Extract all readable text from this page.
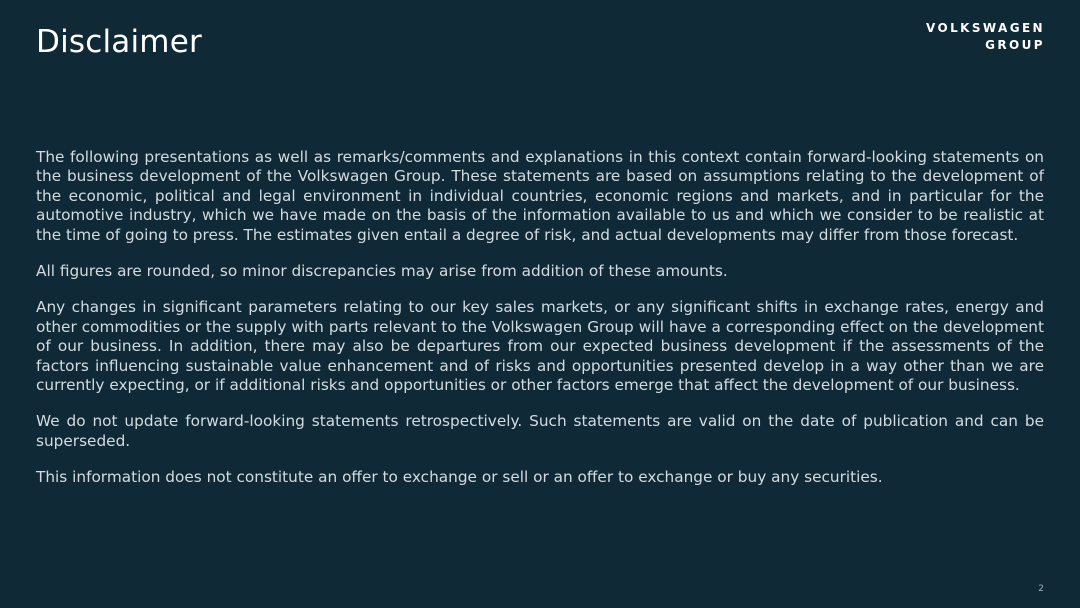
Disclaimer	VOLKSWAGEN
GROUP

The following presentations as well as remarks/comments and explanations in this context contain forward-looking statements on the business development of the Volkswagen Group. These statements are based on assumptions relating to the development of the economic, political and legal environment in individual countries, economic regions and markets, and in particular for the automotive industry, which we have made on the basis of the information available to us and which we consider to be realistic at the time of going to press. The estimates given entail a degree of risk, and actual developments may differ from those forecast.

All figures are rounded, so minor discrepancies may arise from addition of these amounts.

Any changes in significant parameters relating to our key sales markets, or any significant shifts in exchange rates, energy and other commodities or the supply with parts relevant to the Volkswagen Group will have a corresponding effect on the development of our business. In addition, there may also be departures from our expected business development if the assessments of the factors influencing sustainable value enhancement and of risks and opportunities presented develop in a way other than we are currently expecting, or if additional risks and opportunities or other factors emerge that affect the development of our business.

We do not update forward-looking statements retrospectively. Such statements are valid on the date of publication and can be superseded.

This information does not constitute an offer to exchange or sell or an offer to exchange or buy any securities.

2
